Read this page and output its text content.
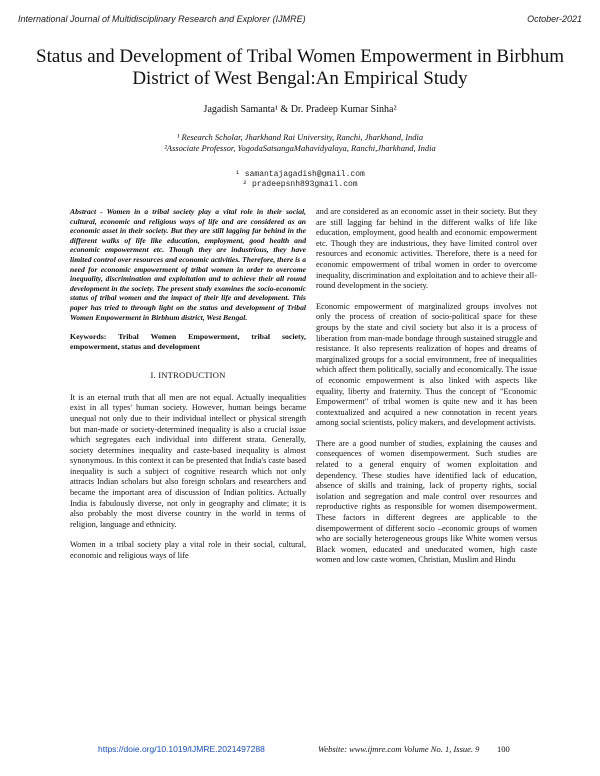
International Journal of Multidisciplinary Research and Explorer (IJMRE)	October-2021
Status and Development of Tribal Women Empowerment in Birbhum District of West Bengal:An Empirical Study
Jagadish Samanta¹ & Dr. Pradeep Kumar Sinha²
¹ Research Scholar, Jharkhand Rai University, Ranchi, Jharkhand, India
²Associate Professor, YogodaSatsangaMahavidyalaya, Ranchi,Jharkhand, India
¹ samantajagadish@gmail.com
² pradeepsnh893gmail.com
Abstract - Women in a tribal society play a vital role in their social, cultural, economic and religious ways of life and are considered as an economic asset in their society. But they are still lagging far behind in the different walks of life like education, employment, good health and economic empowerment etc. Though they are industrious, they have limited control over resources and economic activities. Therefore, there is a need for economic empowerment of tribal women in order to overcome inequality, discrimination and exploitation and to achieve their all round development in the society. The present study examines the socio-economic status of tribal women and the impact of their life and development. This paper has tried to through light on the status and development of Tribal Women Empowerment in Birbhum district, West Bengal.
Keywords: Tribal Women Empowerment, tribal society, empowerment, status and development
I. INTRODUCTION

It is an eternal truth that all men are not equal. Actually inequalities exist in all types' human society. However, human beings became unequal not only due to their individual intellect or physical strength but man-made or society-determined inequality is also a crucial issue which segregates each individual into different strata. Generally, society determines inequality and caste-based inequality is almost synonymous. In this context it can be presented that India's caste based inequality is such a subject of cognitive research which not only attracts Indian scholars but also foreign scholars and researchers and became the important area of discussion of Indian politics. Actually India is fabulously diverse, not only in geography and climate; it is also probably the most diverse country in the world in terms of religion, language and ethnicity.

Women in a tribal society play a vital role in their social, cultural, economic and religious ways of life

and are considered as an economic asset in their society. But they are still lagging far behind in the different walks of life like education, employment, good health and economic empowerment etc. Though they are industrious, they have limited control over resources and economic activities. Therefore, there is a need for economic empowerment of tribal women in order to overcome inequality, discrimination and exploitation and to achieve their all-round development in the society.

Economic empowerment of marginalized groups involves not only the process of creation of socio-political space for these groups by the state and civil society but also it is a process of liberation from man-made bondage through sustained struggle and resistance. It also represents realization of hopes and dreams of marginalized groups for a social environment, free of inequalities which affect them politically, socially and economically. The issue of economic empowerment is also linked with aspects like equality, liberty and fraternity. Thus the concept of "Economic Empowerment" of tribal women is quite new and it has been contextualized and acquired a new connotation in recent years among social scientists, policy makers, and development activists.

There are a good number of studies, explaining the causes and consequences of women disempowerment. Such studies are related to a general enquiry of women exploitation and dependency. These studies have identified lack of education, absence of skills and training, lack of property rights, social isolation and segregation and male control over resources and reproductive rights as responsible for women disempowerment. These factors in different degrees are applicable to the disempowerment of different socio –economic groups of women who are socially heterogeneous groups like White women versus Black women, educated and uneducated women, high caste women and low caste women, Christian, Muslim and Hindu

https://doie.org/10.1019/IJMRE.2021497288	Website: www.ijmre.com Volume No. 1, Issue. 9 100
